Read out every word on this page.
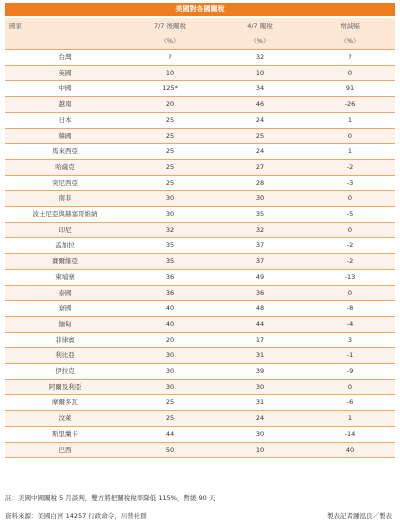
美國對各國關稅
國家	7/7 後關稅	4/7 關稅	增減幅
	（%）	（%）	（%）
台灣	?	32	?
英國	10	10	0
中國	125*	34	91
越南	20	46	-26
日本	25	24	1
韓國	25	25	0
馬來西亞	25	24	1
哈薩克	25	27	-2
突尼西亞	25	28	-3
南非	30	30	0
波士尼亞與赫塞哥維納	30	35	-5
印尼	32	32	0
孟加拉	35	37	-2
賽爾維亞	35	37	-2
柬埔寨	36	49	-13
泰國	36	36	0
寮國	40	48	-8
緬甸	40	44	-4
菲律賓	20	17	3
利比亞	30	31	-1
伊拉克	30	39	-9
阿爾及利亞	30	30	0
摩爾多瓦	25	31	-6
汶萊	25	24	1
斯里蘭卡	44	30	-14
巴西	50	10	40
註：美國中國關稅 5 月談判，雙方將把關稅稅率降低 115%，暫緩 90 天
資料來源：美國白宮 14257 行政命令，川普社群	製表記者鍾泓良／製表
